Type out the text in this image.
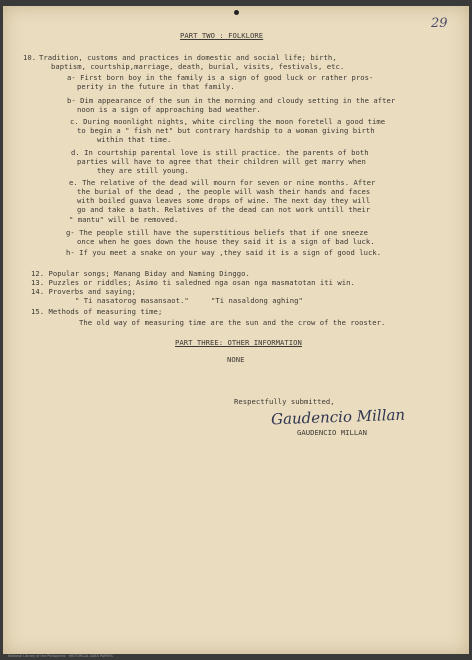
29
PART TWO : FOLKLORE
10. Tradition, customs and practices in domestic and social life; birth,
baptism, courtship,marriage, death, burial, visits, festivals, etc.
a- First born boy in the family is a sign of good luck or rather pros-
perity in the future in that family.
b- Dim appearance of the sun in the morning and cloudy setting in the after
noon is a sign of approaching bad weather.
c. During moonlight nights, white circling the moon foretell a good time
to begin a " fish net" but contrary hardship to a woman giving birth
within that time.
d. In courtship parental love is still practice. the parents of both
parties will have to agree that their children will get marry when
they are still young.
e. The relative of the dead will mourn for seven or nine months. After
the burial of the dead , the people will wash their hands and faces
with boiled guava leaves some drops of wine. The next day they will
go and take a bath. Relatives of the dead can not work untill their
" mantu" will be removed.
g- The people still have the superstitious beliefs that if one sneeze
once when he goes down the house they said it is a sign of bad luck.
h- If you meet a snake on your way ,they said it is a sign of good luck.
12. Popular songs; Manang Biday and Naming Dinggo.
13. Puzzles or riddles; Asimo ti saledned nga osan nga masmatotan iti win.
14. Proverbs and saying;
" Ti nasatorog masansaot."	"Ti nasaldong aghing"
15. Methods of measuring time;
The old way of measuring time are the sun and the crow of the rooster.
PART THREE: OTHER INFORMATION
NONE
Respectfully submitted,
Gaudencio Millan
GAUDENCIO MILLAN
National Library of the Philippines · HISTORICAL DATA PAPERS
